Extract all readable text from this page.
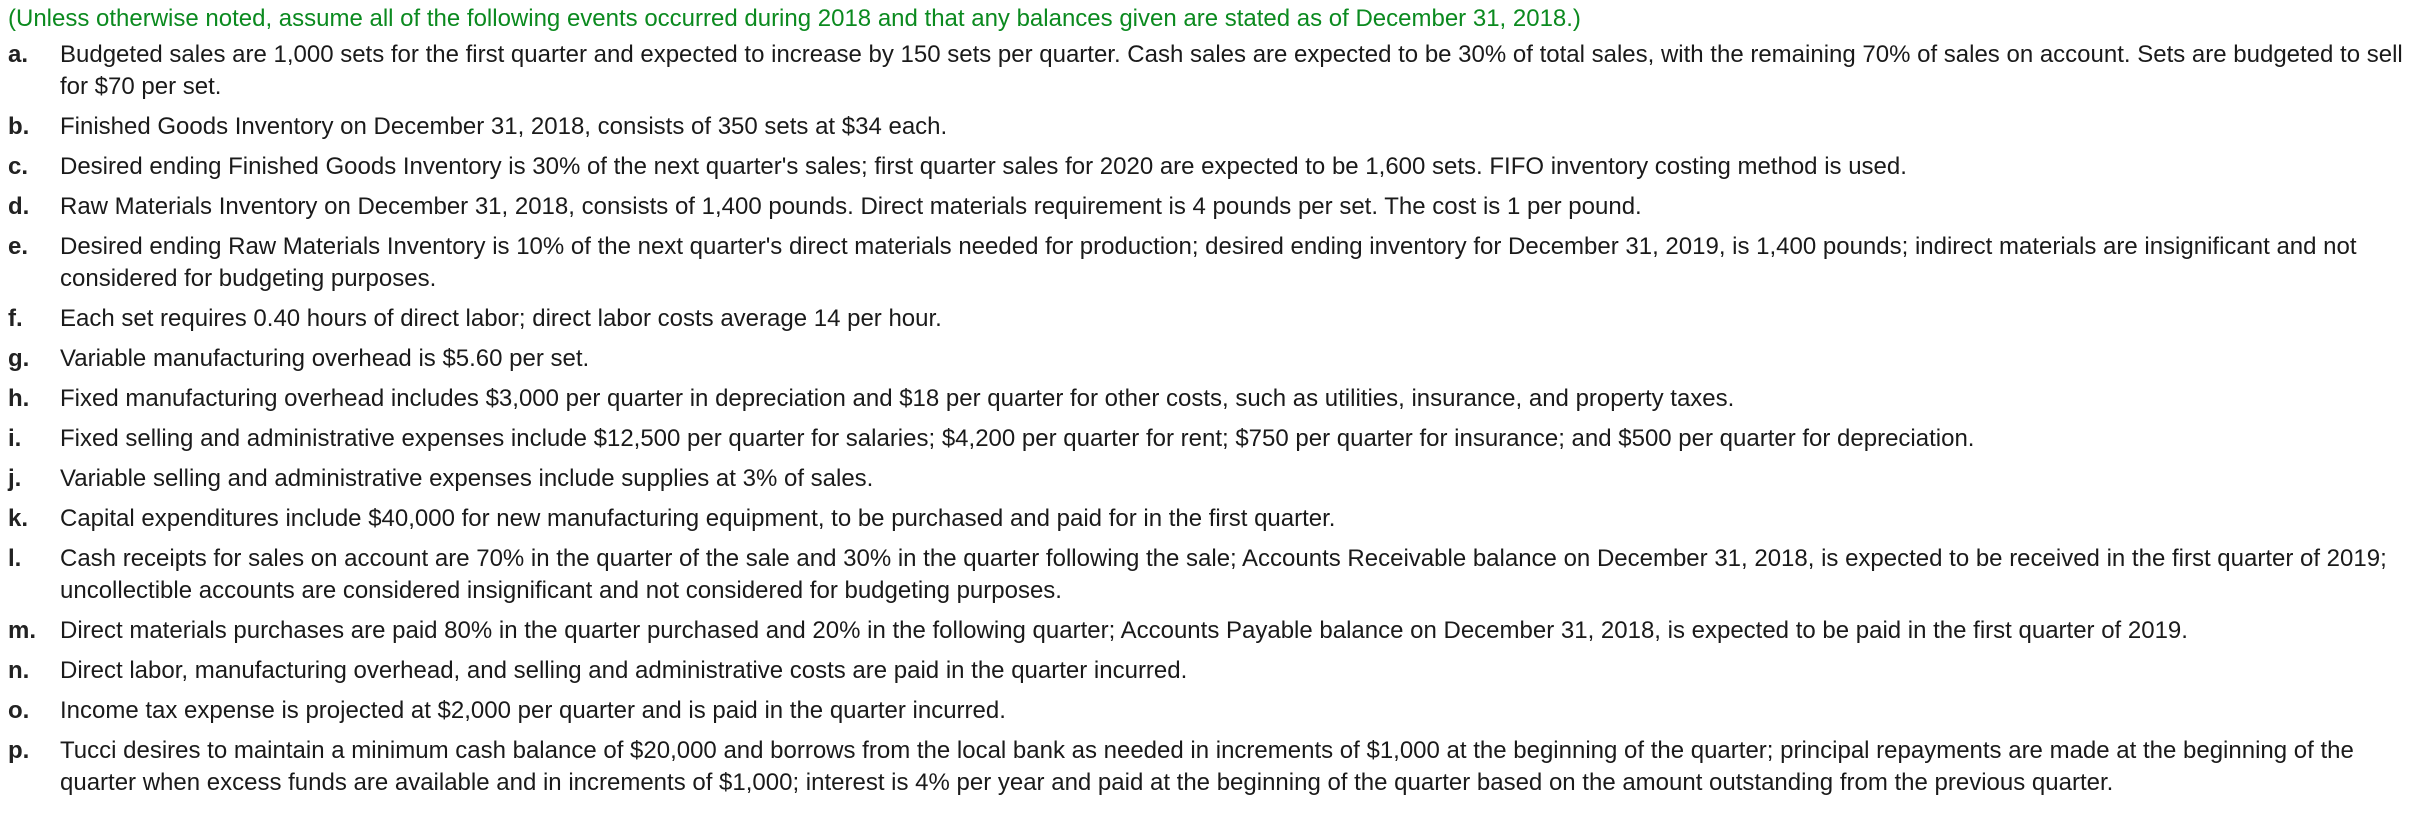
(Unless otherwise noted, assume all of the following events occurred during 2018 and that any balances given are stated as of December 31, 2018.)
a.	Budgeted sales are 1,000 sets for the first quarter and expected to increase by 150 sets per quarter. Cash sales are expected to be 30% of total sales, with the remaining 70% of sales on account. Sets are budgeted to sell for $70 per set.
b.	Finished Goods Inventory on December 31, 2018, consists of 350 sets at $34 each.
c.	Desired ending Finished Goods Inventory is 30% of the next quarter's sales; first quarter sales for 2020 are expected to be 1,600 sets. FIFO inventory costing method is used.
d.	Raw Materials Inventory on December 31, 2018, consists of 1,400 pounds. Direct materials requirement is 4 pounds per set. The cost is 1 per pound.
e.	Desired ending Raw Materials Inventory is 10% of the next quarter's direct materials needed for production; desired ending inventory for December 31, 2019, is 1,400 pounds; indirect materials are insignificant and not considered for budgeting purposes.
f.	Each set requires 0.40 hours of direct labor; direct labor costs average 14 per hour.
g.	Variable manufacturing overhead is $5.60 per set.
h.	Fixed manufacturing overhead includes $3,000 per quarter in depreciation and $18 per quarter for other costs, such as utilities, insurance, and property taxes.
i.	Fixed selling and administrative expenses include $12,500 per quarter for salaries; $4,200 per quarter for rent; $750 per quarter for insurance; and $500 per quarter for depreciation.
j.	Variable selling and administrative expenses include supplies at 3% of sales.
k.	Capital expenditures include $40,000 for new manufacturing equipment, to be purchased and paid for in the first quarter.
l.	Cash receipts for sales on account are 70% in the quarter of the sale and 30% in the quarter following the sale; Accounts Receivable balance on December 31, 2018, is expected to be received in the first quarter of 2019; uncollectible accounts are considered insignificant and not considered for budgeting purposes.
m. Direct materials purchases are paid 80% in the quarter purchased and 20% in the following quarter; Accounts Payable balance on December 31, 2018, is expected to be paid in the first quarter of 2019.
n.	Direct labor, manufacturing overhead, and selling and administrative costs are paid in the quarter incurred.
o.	Income tax expense is projected at $2,000 per quarter and is paid in the quarter incurred.
p.	Tucci desires to maintain a minimum cash balance of $20,000 and borrows from the local bank as needed in increments of $1,000 at the beginning of the quarter; principal repayments are made at the beginning of the quarter when excess funds are available and in increments of $1,000; interest is 4% per year and paid at the beginning of the quarter based on the amount outstanding from the previous quarter.
